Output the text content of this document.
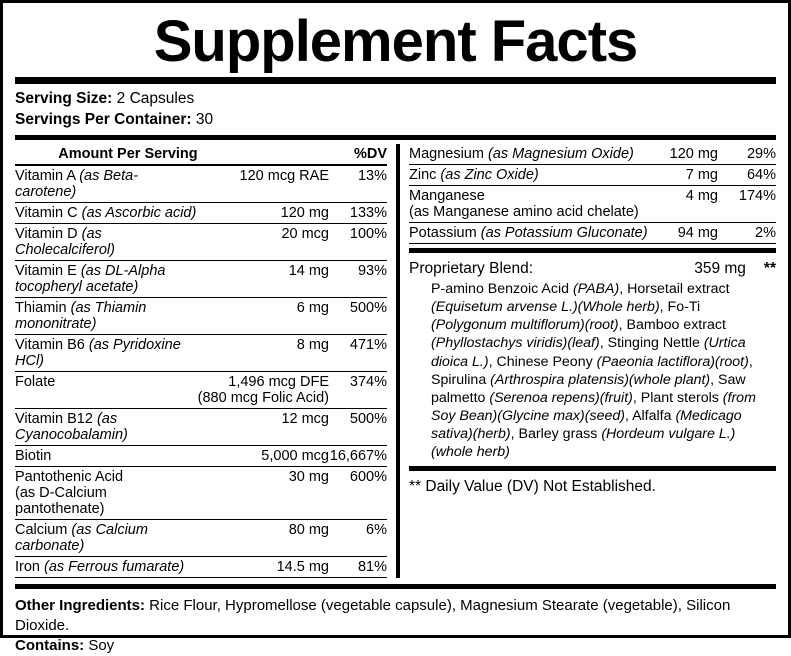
Supplement Facts
Serving Size: 2 Capsules
Servings Per Container: 30
Amount Per Serving		%DV
Vitamin A (as Beta-carotene)	120 mcg RAE	13%
Vitamin C (as Ascorbic acid)	120 mg	133%
Vitamin D (as Cholecalciferol)	20 mcg	100%
Vitamin E (as DL-Alpha tocopheryl acetate)	14 mg	93%
Thiamin (as Thiamin mononitrate)	6 mg	500%
Vitamin B6 (as Pyridoxine HCl)	8 mg	471%
Folate	1,496 mcg DFE	374%
	(880 mcg Folic Acid)	
Vitamin B12 (as Cyanocobalamin)	12 mcg	500%
Biotin	5,000 mcg	16,667%
Pantothenic Acid	30 mg	600%
(as D-Calcium pantothenate)		
Calcium (as Calcium carbonate)	80 mg	6%
Iron (as Ferrous fumarate)	14.5 mg	81%
Magnesium (as Magnesium Oxide)	120 mg	29%
Zinc (as Zinc Oxide)	7 mg	64%
Manganese	4 mg	174%
(as Manganese amino acid chelate)		
Potassium (as Potassium Gluconate)	94 mg	2%
Proprietary Blend:	359 mg	**
P-amino Benzoic Acid (PABA), Horsetail extract (Equisetum arvense L.)(Whole herb), Fo-Ti (Polygonum multiflorum)(root), Bamboo extract (Phyllostachys viridis)(leaf), Stinging Nettle (Urtica dioica L.), Chinese Peony (Paeonia lactiflora)(root), Spirulina (Arthrospira platensis)(whole plant), Saw palmetto (Serenoa repens)(fruit), Plant sterols (from Soy Bean)(Glycine max)(seed), Alfalfa (Medicago sativa)(herb), Barley grass (Hordeum vulgare L.)(whole herb)
** Daily Value (DV) Not Established.
Other Ingredients: Rice Flour, Hypromellose (vegetable capsule), Magnesium Stearate (vegetable), Silicon Dioxide.
Contains: Soy
